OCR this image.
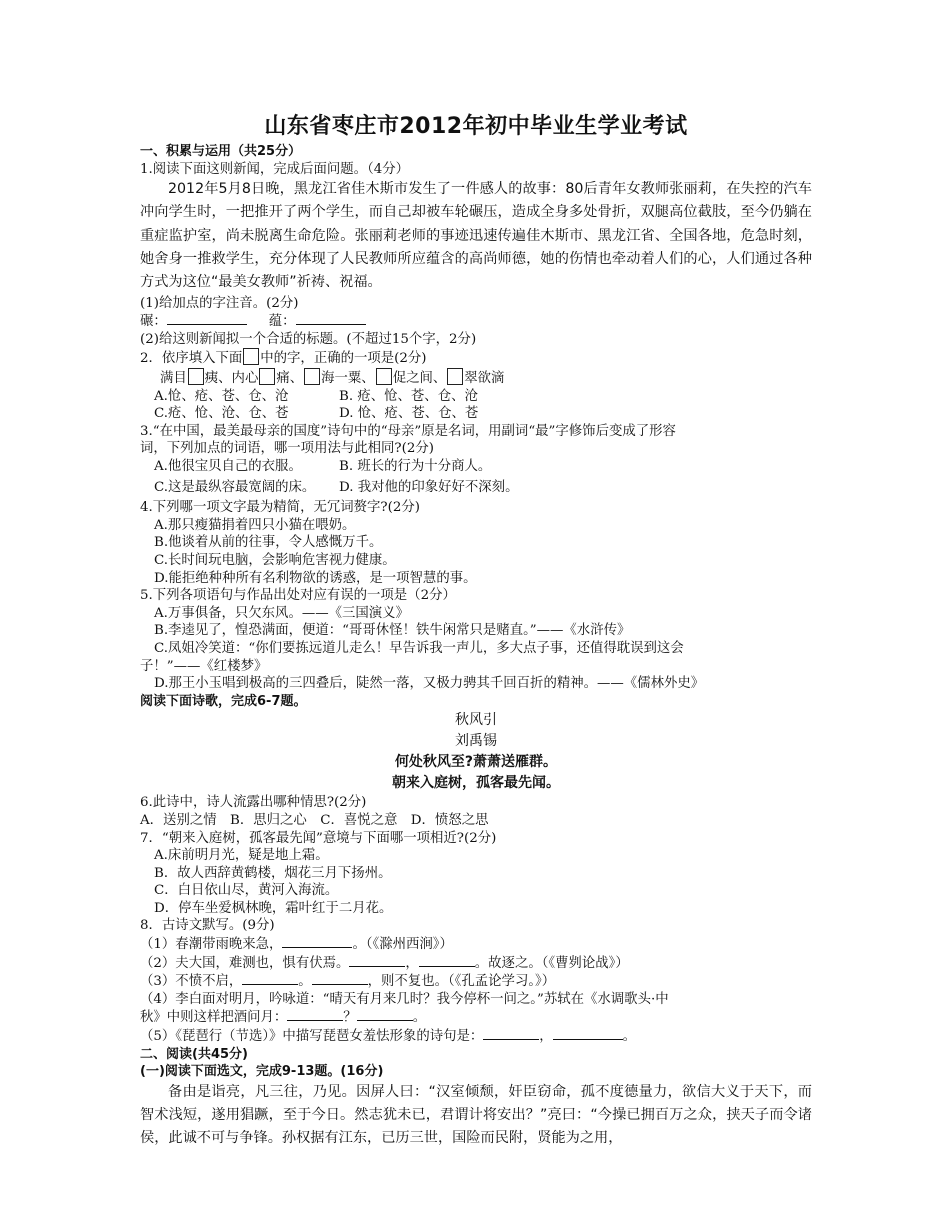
山东省枣庄市2012年初中毕业生学业考试
一、积累与运用（共25分）
1.阅读下面这则新闻，完成后面问题。（4分）
2012年5月8日晚，黑龙江省佳木斯市发生了一件感人的故事：80后青年女教师张丽莉，在失控的汽车冲向学生时，一把推开了两个学生，而自己却被车轮碾压，造成全身多处骨折，双腿高位截肢，至今仍躺在重症监护室，尚未脱离生命危险。张丽莉老师的事迹迅速传遍佳木斯市、黑龙江省、全国各地，危急时刻，她舍身一推救学生，充分体现了人民教师所应蕴含的高尚师德，她的伤情也牵动着人们的心，人们通过各种方式为这位“最美女教师”祈祷、祝福。
(1)给加点的字注音。(2分)
碾：	蕴：
(2)给这则新闻拟一个合适的标题。(不超过15个字，2分)
2．依序填入下面 中的字，正确的一项是(2分)
满目 痍、内心 痛、 海一粟、 促之间、 翠欲滴
A.怆、疮、苍、仓、沧	B. 疮、怆、苍、仓、沧
C.疮、怆、沧、仓、苍	D. 怆、疮、苍、仓、苍
3.“在中国，最美最母亲的国度”诗句中的“母亲”原是名词，用副词“最”字修饰后变成了形容
词，下列加点的词语，哪一项用法与此相同?(2分)
A.他很宝贝自己的衣服。	B. 班长的行为十分商人。
C.这是最纵容最宽阔的床。 D. 我对他的印象好好不深刻。
4.下列哪一项文字最为精简，无冗词赘字?(2分)
A.那只瘦猫捐着四只小猫在喂奶。
B.他谈着从前的往事，令人感慨万千。
C.长时间玩电脑，会影响危害视力健康。
D.能拒绝种种所有名利物欲的诱惑，是一项智慧的事。
5.下列各项语句与作品出处对应有误的一项是（2分）
A.万事俱备，只欠东风。——《三国演义》
B.李逵见了，惶恐满面，便道：“哥哥休怪！铁牛闲常只是赌直。”——《水浒传》
C.凤姐冷笑道：“你们要拣远道儿走么！早告诉我一声儿，多大点子事，还值得耽误到这会
子！”——《红楼梦》
D.那王小玉唱到极高的三四叠后，陡然一落，又极力骋其千回百折的精神。——《儒林外史》
阅读下面诗歌，完成6-7题。
秋风引
刘禹锡
何处秋风至?萧萧送雁群。
朝来入庭树，孤客最先闻。
6.此诗中，诗人流露出哪种情思?(2分)
A．送别之情　B．思归之心　C．喜悦之意　D．愤怒之思
7．“朝来入庭树，孤客最先闻”意境与下面哪一项相近?(2分)
A.床前明月光，疑是地上霜。
B．故人西辞黄鹤楼，烟花三月下扬州。
C．白日依山尽，黄河入海流。
D．停车坐爱枫林晚，霜叶红于二月花。
8．古诗文默写。(9分)
（1）春潮带雨晚来急，	。（《滁州西涧》）
（2）夫大国，难测也，惧有伏焉。	，	。故逐之。（《曹刿论战》）
（3）不愤不启，	。	，则不复也。（《孔孟论学习。》）
（4）李白面对明月，吟咏道：“晴天有月来几时？我今停杯一问之。”苏轼在《水调歌头·中
秋》中则这样把酒问月：	？	。
（5）《琵琶行（节选）》中描写琵琶女羞怯形象的诗句是：	，	。
二、阅读(共45分)
(一)阅读下面选文，完成9-13题。(16分)
备由是诣亮，凡三往，乃见。因屏人曰：“汉室倾颓，奸臣窃命，孤不度德量力，欲信大义于天下，而智术浅短，遂用猖蹶，至于今日。然志犹未已，君谓计将安出？”亮曰：“今操已拥百万之众，挟天子而令诸侯，此诚不可与争锋。孙权据有江东，已历三世，国险而民附，贤能为之用，
